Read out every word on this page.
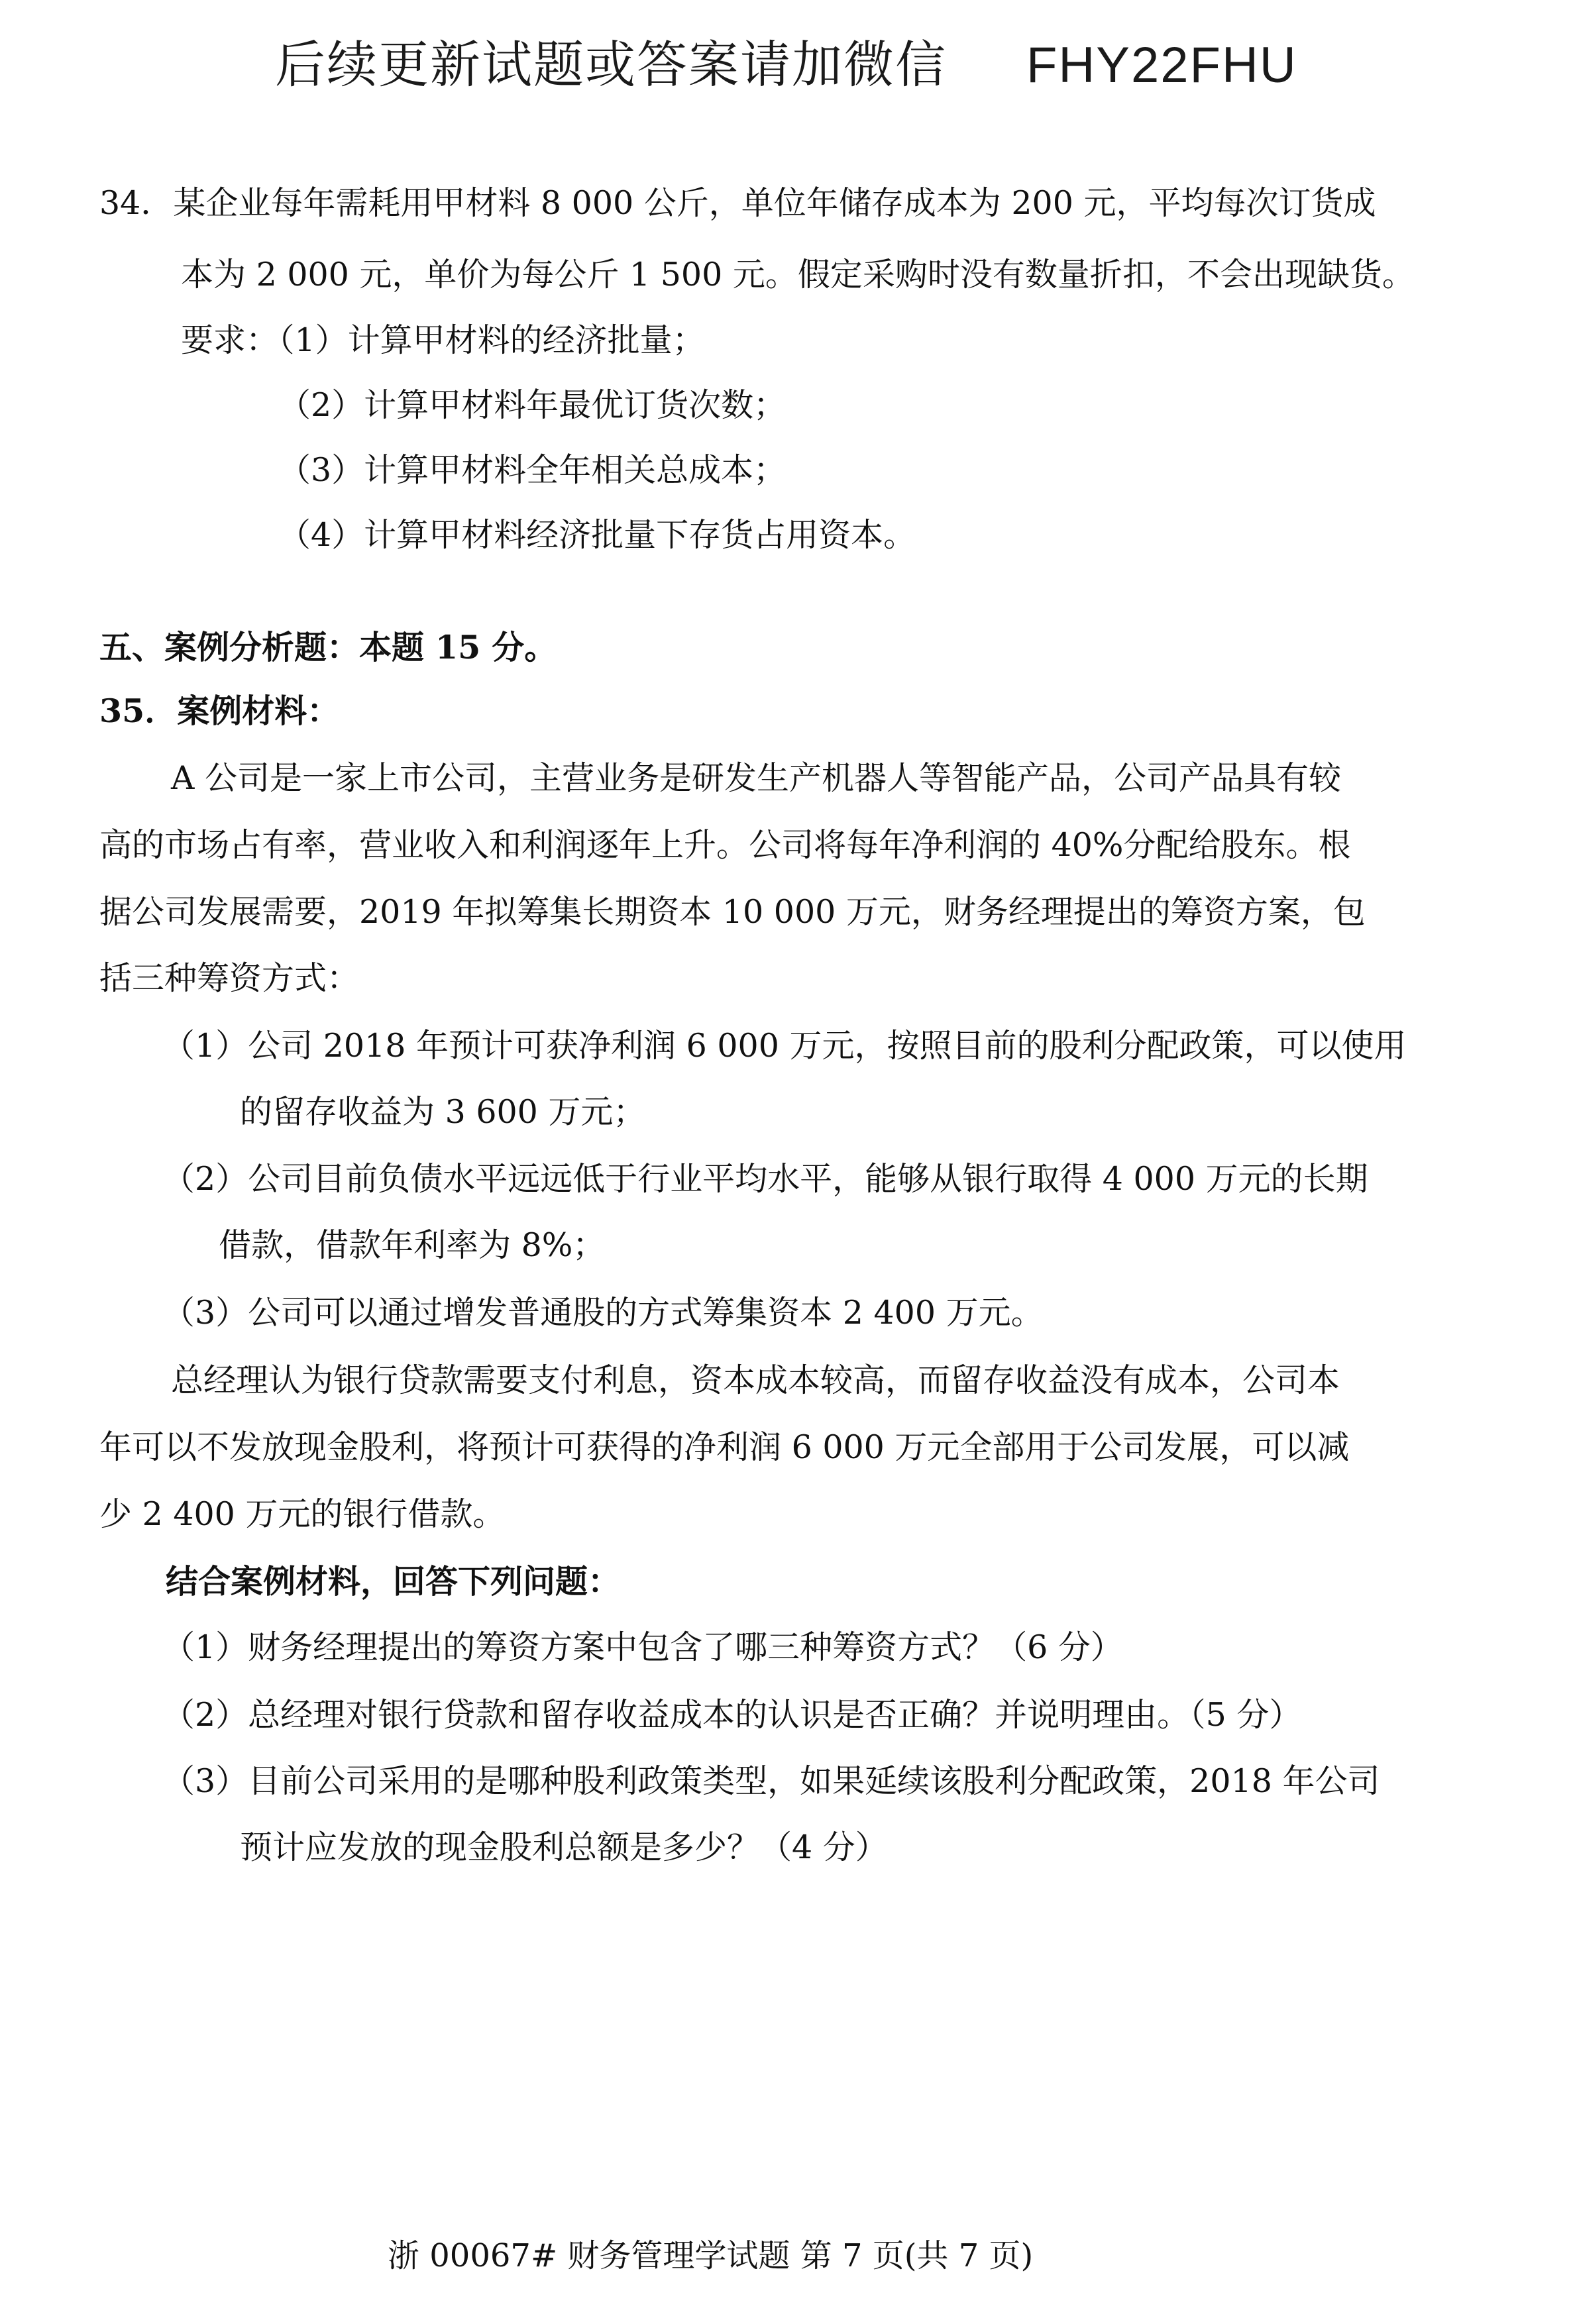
后续更新试题或答案请加微信 FHY22FHU
34．某企业每年需耗用甲材料 8 000 公斤，单位年储存成本为 200 元，平均每次订货成
本为 2 000 元，单价为每公斤 1 500 元。假定采购时没有数量折扣，不会出现缺货。
要求：（1）计算甲材料的经济批量；
（2）计算甲材料年最优订货次数；
（3）计算甲材料全年相关总成本；
（4）计算甲材料经济批量下存货占用资本。
五、案例分析题：本题 15 分。
35．案例材料：
A 公司是一家上市公司，主营业务是研发生产机器人等智能产品，公司产品具有较
高的市场占有率，营业收入和利润逐年上升。公司将每年净利润的 40%分配给股东。根
据公司发展需要，2019 年拟筹集长期资本 10 000 万元，财务经理提出的筹资方案，包
括三种筹资方式：
（1）公司 2018 年预计可获净利润 6 000 万元，按照目前的股利分配政策，可以使用
的留存收益为 3 600 万元；
（2）公司目前负债水平远远低于行业平均水平，能够从银行取得 4 000 万元的长期
借款，借款年利率为 8%；
（3）公司可以通过增发普通股的方式筹集资本 2 400 万元。
总经理认为银行贷款需要支付利息，资本成本较高，而留存收益没有成本，公司本
年可以不发放现金股利，将预计可获得的净利润 6 000 万元全部用于公司发展，可以减
少 2 400 万元的银行借款。
结合案例材料，回答下列问题：
（1）财务经理提出的筹资方案中包含了哪三种筹资方式？（6 分）
（2）总经理对银行贷款和留存收益成本的认识是否正确？并说明理由。（5 分）
（3）目前公司采用的是哪种股利政策类型，如果延续该股利分配政策，2018 年公司
预计应发放的现金股利总额是多少？（4 分）
浙 00067# 财务管理学试题 第 7 页(共 7 页)
